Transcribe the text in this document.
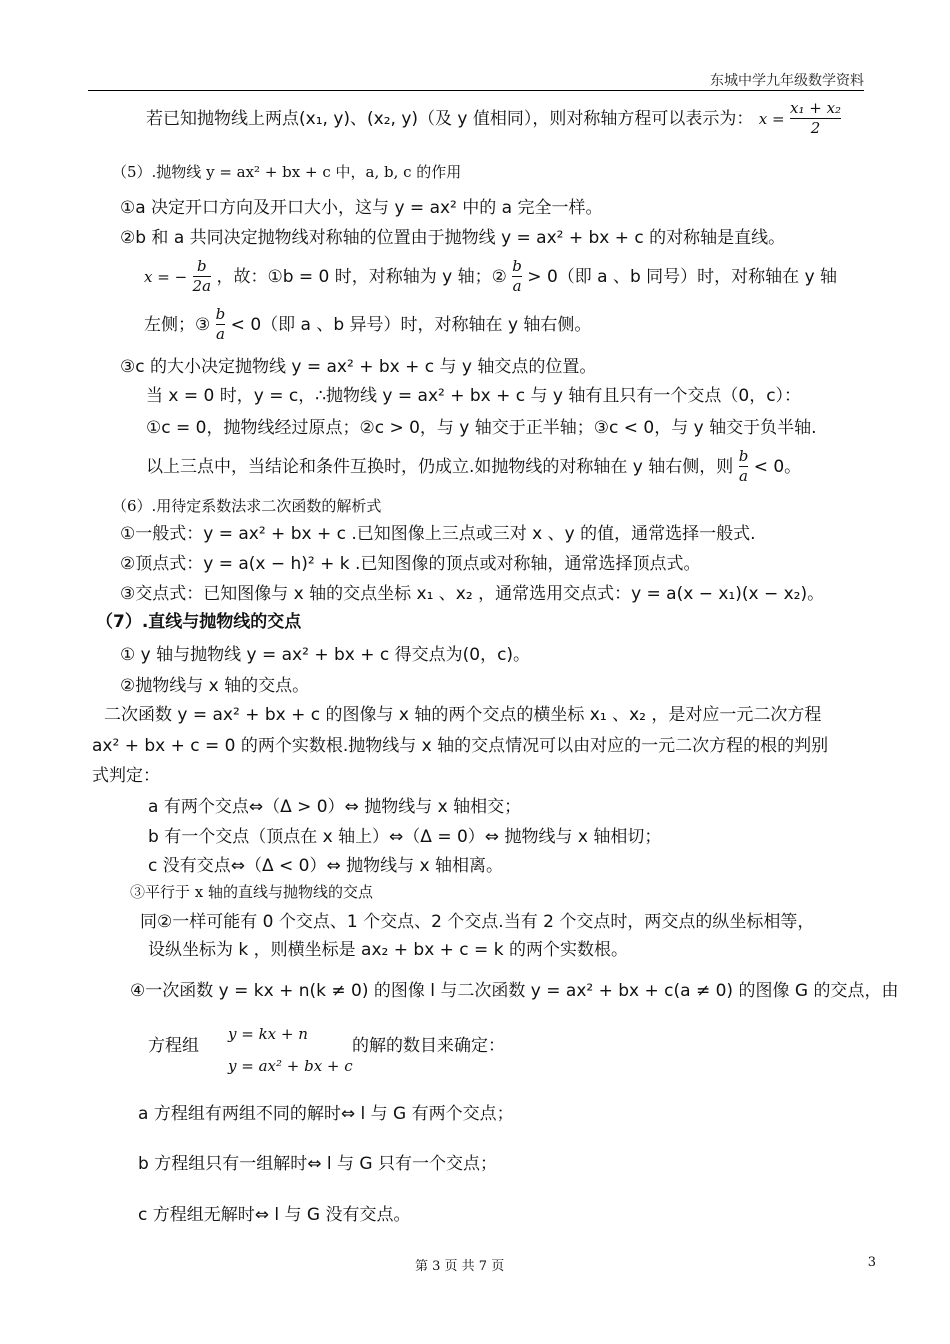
东城中学九年级数学资料
若已知抛物线上两点(x₁, y)、(x₂, y)（及 y 值相同），则对称轴方程可以表示为： $x = \frac{\text{x₁ + x₂}}{2}$
（5）.抛物线 y = ax² + bx + c 中，a, b, c 的作用
①a 决定开口方向及开口大小，这与 y = ax² 中的 a 完全一样。
②b 和 a 共同决定抛物线对称轴的位置由于抛物线 y = ax² + bx + c 的对称轴是直线。
x = − $\frac{b}{2a}$ ，故：①b = 0 时，对称轴为 y 轴；② $\frac{b}{a} > 0$（即 a 、b 同号）时，对称轴在 y 轴
左侧；③ $\frac{b}{a} < 0$（即 a 、b 异号）时，对称轴在 y 轴右侧。
③c 的大小决定抛物线 y = ax² + bx + c 与 y 轴交点的位置。
当 x = 0 时，y = c，∴抛物线 y = ax² + bx + c 与 y 轴有且只有一个交点（0，c）：
①c = 0，抛物线经过原点；②c > 0，与 y 轴交于正半轴；③c < 0，与 y 轴交于负半轴.
以上三点中，当结论和条件互换时，仍成立.如抛物线的对称轴在 y 轴右侧，则 $\frac{b}{a} < 0$。
（6）.用待定系数法求二次函数的解析式
①一般式：y = ax² + bx + c .已知图像上三点或三对 x 、y 的值，通常选择一般式.
②顶点式：y = a(x − h)² + k .已知图像的顶点或对称轴，通常选择顶点式。
③交点式：已知图像与 x 轴的交点坐标 x₁ 、x₂ ，通常选用交点式：y = a(x − x₁)(x − x₂)。
（7）.直线与抛物线的交点
① y 轴与抛物线 y = ax² + bx + c 得交点为(0，c)。
②抛物线与 x 轴的交点。
二次函数 y = ax² + bx + c 的图像与 x 轴的两个交点的横坐标 x₁ 、x₂ ，是对应一元二次方程
ax² + bx + c = 0 的两个实数根.抛物线与 x 轴的交点情况可以由对应的一元二次方程的根的判别
式判定：
a 有两个交点⇔（Δ > 0）⇔ 抛物线与 x 轴相交；
b 有一个交点（顶点在 x 轴上）⇔（Δ = 0）⇔ 抛物线与 x 轴相切；
c 没有交点⇔（Δ < 0）⇔ 抛物线与 x 轴相离。
③平行于 x 轴的直线与抛物线的交点
同②一样可能有 0 个交点、1 个交点、2 个交点.当有 2 个交点时，两交点的纵坐标相等，
设纵坐标为 k ，则横坐标是 ax₂ + bx + c = k 的两个实数根。
④一次函数 y = kx + n(k ≠ 0) 的图像 l 与二次函数 y = ax² + bx + c(a ≠ 0) 的图像 G 的交点，由
方程组
y = kx + n
y = ax² + bx + c
的解的数目来确定：
a 方程组有两组不同的解时⇔ l 与 G 有两个交点；
b 方程组只有一组解时⇔ l 与 G 只有一个交点；
c 方程组无解时⇔ l 与 G 没有交点。
第 3 页 共 7 页	3
